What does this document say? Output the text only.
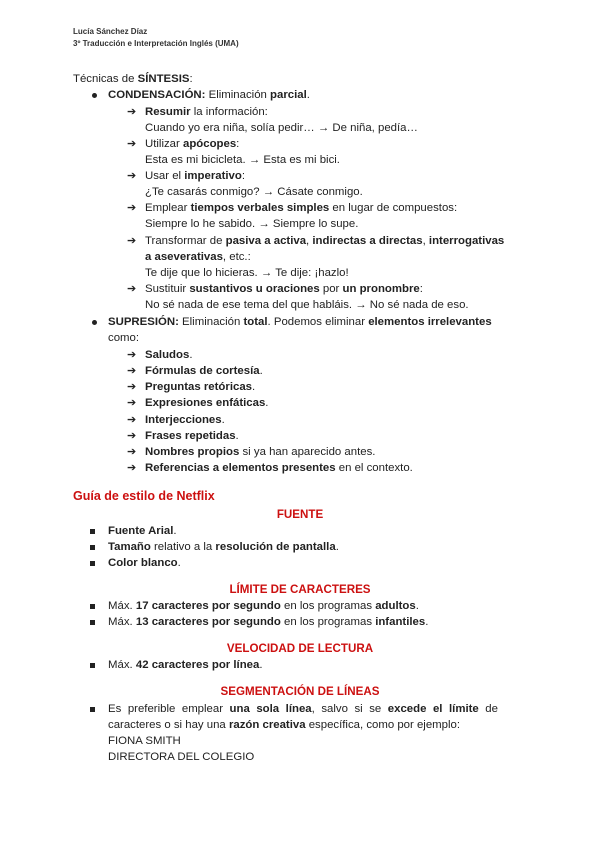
Lucía Sánchez Díaz
3º Traducción e Interpretación Inglés (UMA)
Técnicas de SÍNTESIS:
CONDENSACIÓN: Eliminación parcial.
➔ Resumir la información:
Cuando yo era niña, solía pedir… → De niña, pedía…
➔ Utilizar apócopes:
Esta es mi bicicleta. → Esta es mi bici.
➔ Usar el imperativo:
¿Te casarás conmigo? → Cásate conmigo.
➔ Emplear tiempos verbales simples en lugar de compuestos:
Siempre lo he sabido. → Siempre lo supe.
➔ Transformar de pasiva a activa, indirectas a directas, interrogativas
a aseverativas, etc.:
Te dije que lo hicieras. → Te dije: ¡hazlo!
➔ Sustituir sustantivos u oraciones por un pronombre:
No sé nada de ese tema del que habláis. → No sé nada de eso.
SUPRESIÓN: Eliminación total. Podemos eliminar elementos irrelevantes
como:
➔ Saludos.
➔ Fórmulas de cortesía.
➔ Preguntas retóricas.
➔ Expresiones enfáticas.
➔ Interjecciones.
➔ Frases repetidas.
➔ Nombres propios si ya han aparecido antes.
➔ Referencias a elementos presentes en el contexto.
Guía de estilo de Netflix
FUENTE
Fuente Arial.
Tamaño relativo a la resolución de pantalla.
Color blanco.
LÍMITE DE CARACTERES
Máx. 17 caracteres por segundo en los programas adultos.
Máx. 13 caracteres por segundo en los programas infantiles.
VELOCIDAD DE LECTURA
Máx. 42 caracteres por línea.
SEGMENTACIÓN DE LÍNEAS
Es preferible emplear una sola línea, salvo si se excede el límite de
caracteres o si hay una razón creativa específica, como por ejemplo:
FIONA SMITH
DIRECTORA DEL COLEGIO
